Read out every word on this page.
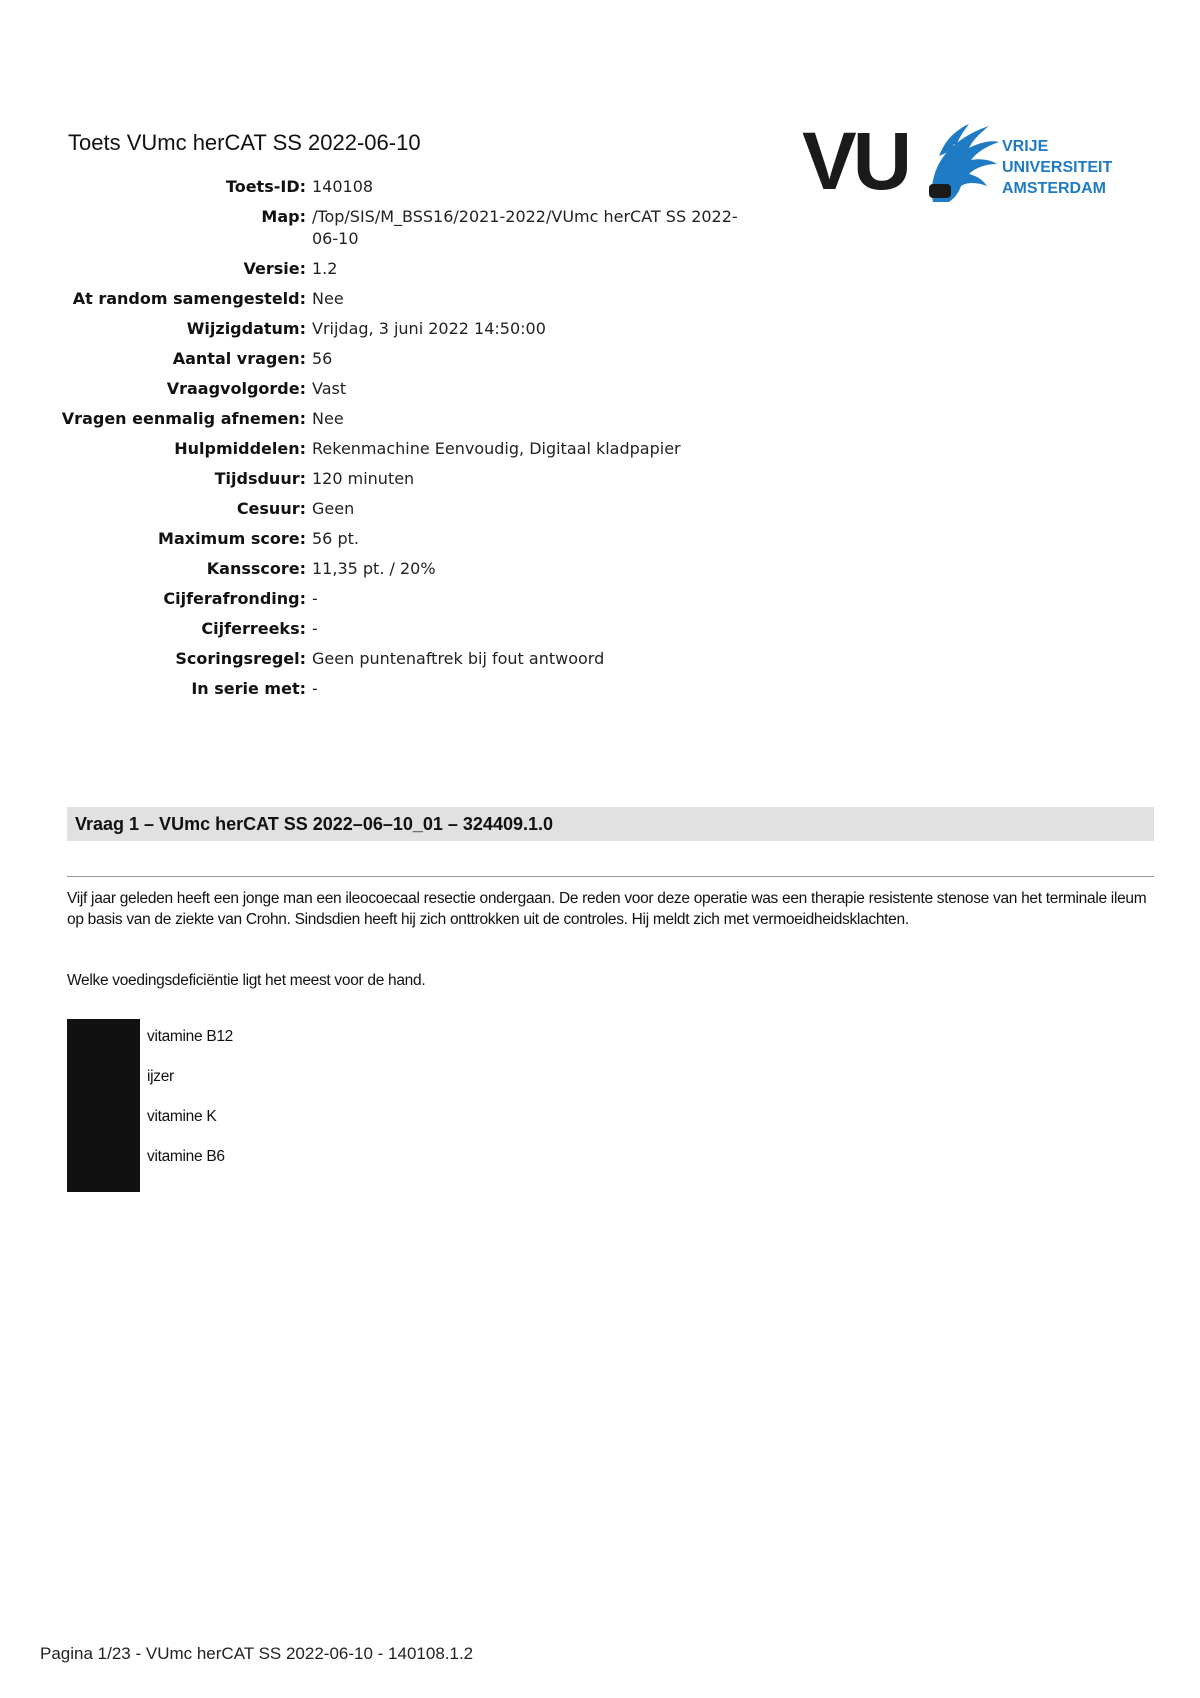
Toets VUmc herCAT SS 2022-06-10	VU	VRIJE
UNIVERSITEIT
AMSTERDAM
Toets-ID: 140108
Map: /Top/SIS/M_BSS16/2021-2022/VUmc herCAT SS 2022-06-10
Versie: 1.2
At random samengesteld: Nee
Wijzigdatum: Vrijdag, 3 juni 2022 14:50:00
Aantal vragen: 56
Vraagvolgorde: Vast
Vragen eenmalig afnemen: Nee
Hulpmiddelen: Rekenmachine Eenvoudig, Digitaal kladpapier
Tijdsduur: 120 minuten
Cesuur: Geen
Maximum score: 56 pt.
Kansscore: 11,35 pt. / 20%
Cijferafronding: -
Cijferreeks: -
Scoringsregel: Geen puntenaftrek bij fout antwoord
In serie met: -
Vraag 1 – VUmc herCAT SS 2022–06–10_01 – 324409.1.0

Vijf jaar geleden heeft een jonge man een ileocoecaal resectie ondergaan. De reden voor deze operatie was een therapie resistente stenose van het terminale ileum op basis van de ziekte van Crohn. Sindsdien heeft hij zich onttrokken uit de controles. Hij meldt zich met vermoeidheidsklachten.

Welke voedingsdeficiëntie ligt het meest voor de hand.

vitamine B12
ijzer
vitamine K
vitamine B6
Pagina 1/23 - VUmc herCAT SS 2022-06-10 - 140108.1.2
